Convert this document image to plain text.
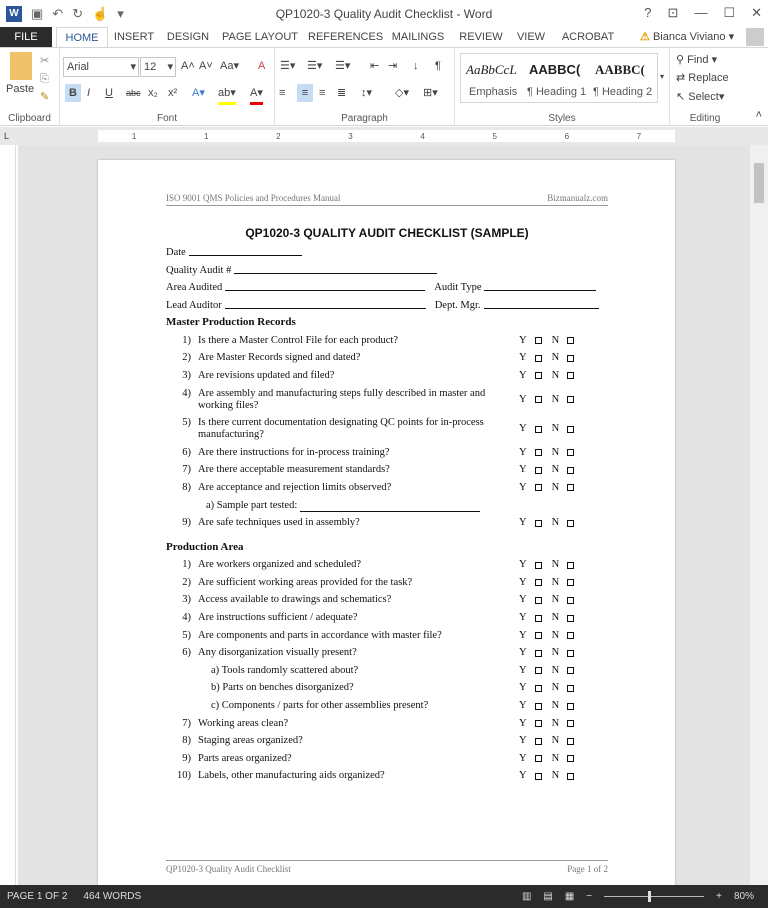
W ▣ ↶ ↻ ☝ ▾	QP1020-3 Quality Audit Checklist - Word	? ⊡ — ☐ ✕
FILE	HOME	INSERT DESIGN PAGE LAYOUT REFERENCES MAILINGS	REVIEW	VIEW	ACROBAT	⚠ Bianca Viviano ▾
Paste
✂
⎘
✎
Clipboard
Arial	▾ 12 ▾ A˄ A˅ Aa▾ A
B I U abc x₂ x² A▾ ab▾ A▾
Font
☰▾ ☰▾ ☰▾ ⇤ ⇥ ↓ ¶
≡	≡ ≡ ≣ ↕▾ ◇▾ ⊞▾
Paragraph
AaBbCcL
Emphasis
AABBC(
¶ Heading 1
AABBC(
¶ Heading 2
▾
Styles
⚲ Find ▾
⇄ Replace
↖ Select▾
Editing	˄
L	1	1	2	3	4	5	6	7
ISO 9001 QMS Policies and Procedures Manual	Bizmanualz.com
QP1020-3 QUALITY AUDIT CHECKLIST (SAMPLE)
Date
Quality Audit #
Area Audited	Audit Type
Lead Auditor	Dept. Mgr.
Master Production Records
1) Is there a Master Control File for each product?	Y N
2) Are Master Records signed and dated?	Y N
3) Are revisions updated and filed?	Y N
4) Are assembly and manufacturing steps fully described in master and working files?
Y N
5) Is there current documentation designating QC points for in-process manufacturing?
Y N
6) Are there instructions for in-process training?	Y N
7) Are there acceptable measurement standards?	Y N
8) Are acceptance and rejection limits observed?	Y N
a) Sample part tested:
9) Are safe techniques used in assembly?	Y N
Production Area
1) Are workers organized and scheduled?	Y N
2) Are sufficient working areas provided for the task?	Y N
3) Access available to drawings and schematics?	Y N
4) Are instructions sufficient / adequate?	Y N
5) Are components and parts in accordance with master file?	Y N
6) Any disorganization visually present?	Y N
a) Tools randomly scattered about?	Y N
b) Parts on benches disorganized?	Y N
c) Components / parts for other assemblies present?	Y N
7) Working areas clean?	Y N
8) Staging areas organized?	Y N
9) Parts areas organized?	Y N
10) Labels, other manufacturing aids organized?	Y N
QP1020-3 Quality Audit Checklist	Page 1 of 2
PAGE 1 OF 2 464 WORDS	▥ ▤ ▦ −	+ 80%
